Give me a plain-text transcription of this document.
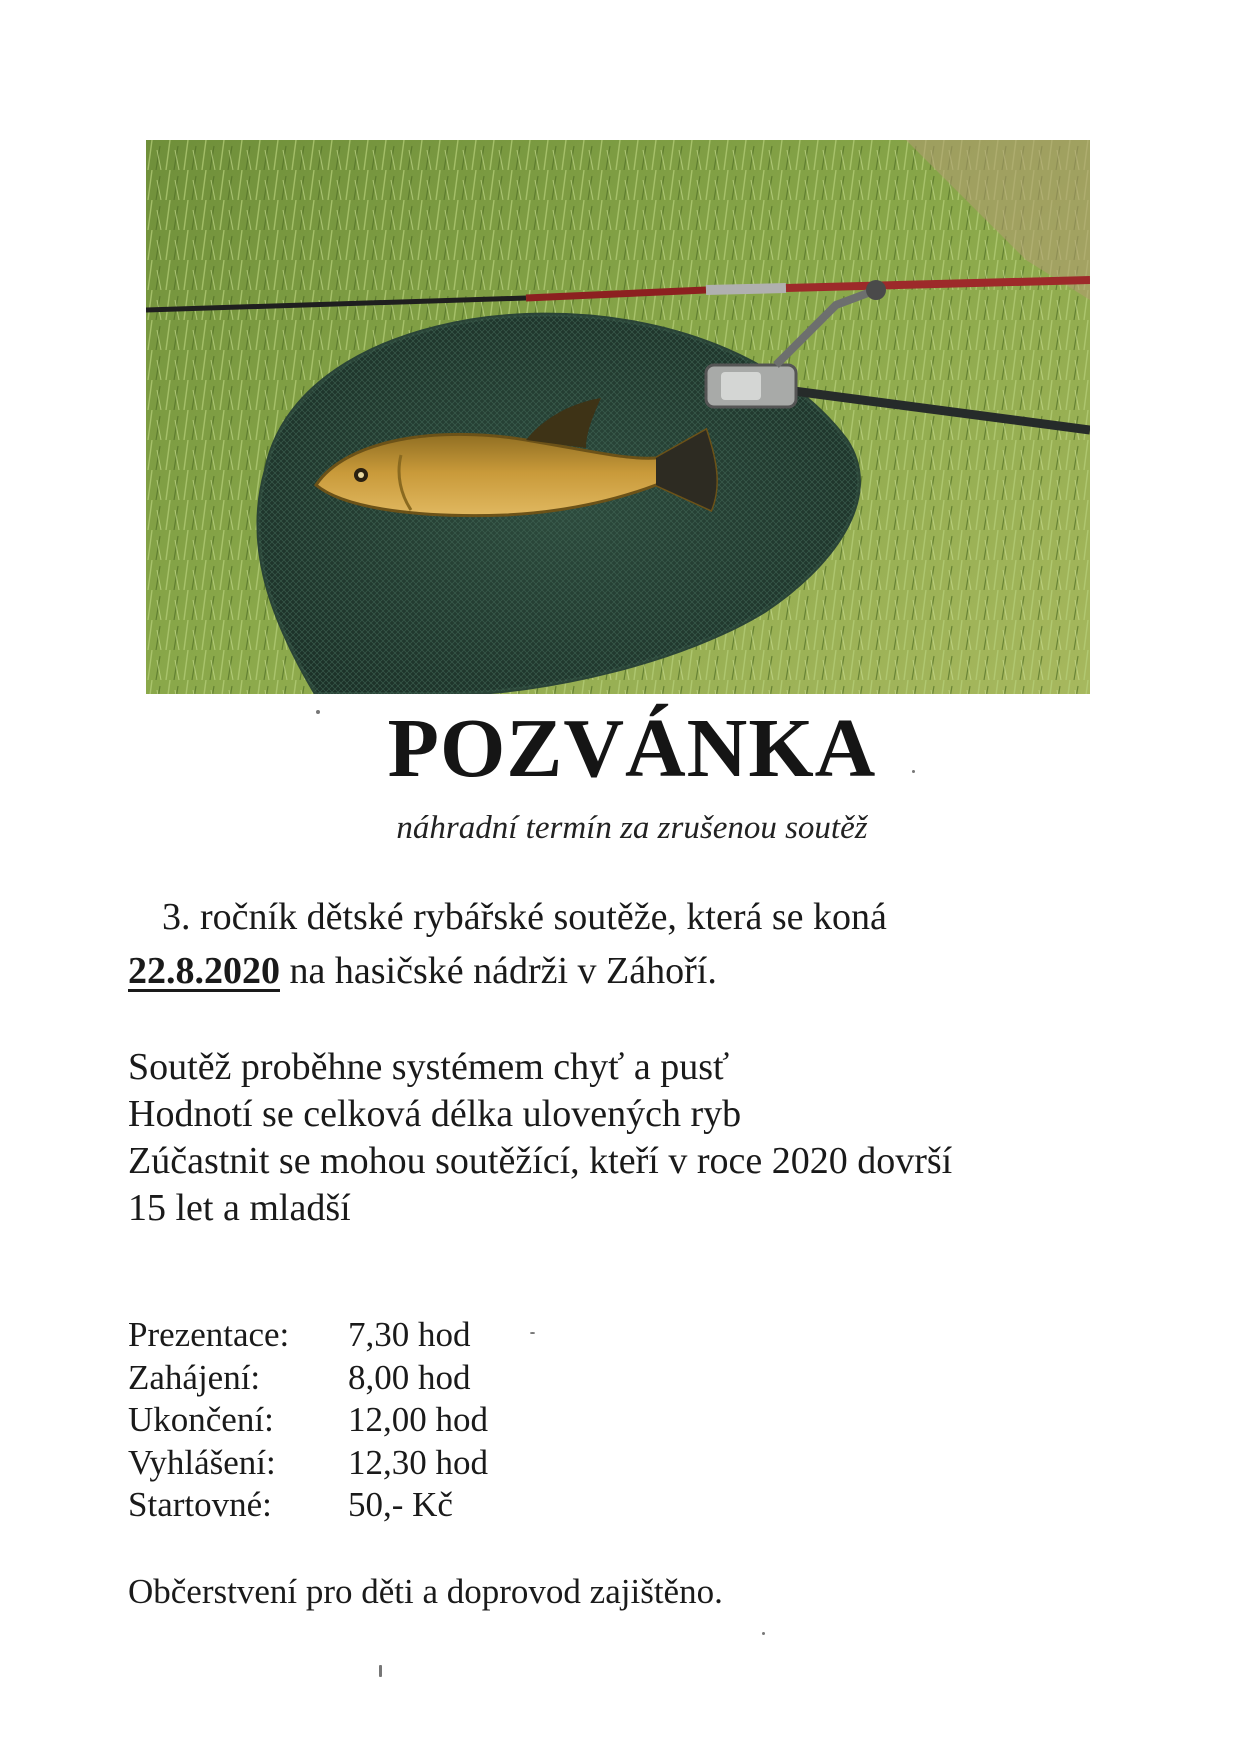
POZVÁNKA
náhradní termín za zrušenou soutěž
3. ročník dětské rybářské soutěže, která se koná
22.8.2020 na hasičské nádrži v Záhoří.
Soutěž proběhne systémem chyť a pusť
Hodnotí se celková délka ulovených ryb
Zúčastnit se mohou soutěžící, kteří v roce 2020 dovrší
15 let a mladší
Prezentace:	7,30 hod
Zahájení:	8,00 hod
Ukončení:	12,00 hod
Vyhlášení:	12,30 hod
Startovné:	50,- Kč
Občerstvení pro děti a doprovod zajištěno.
